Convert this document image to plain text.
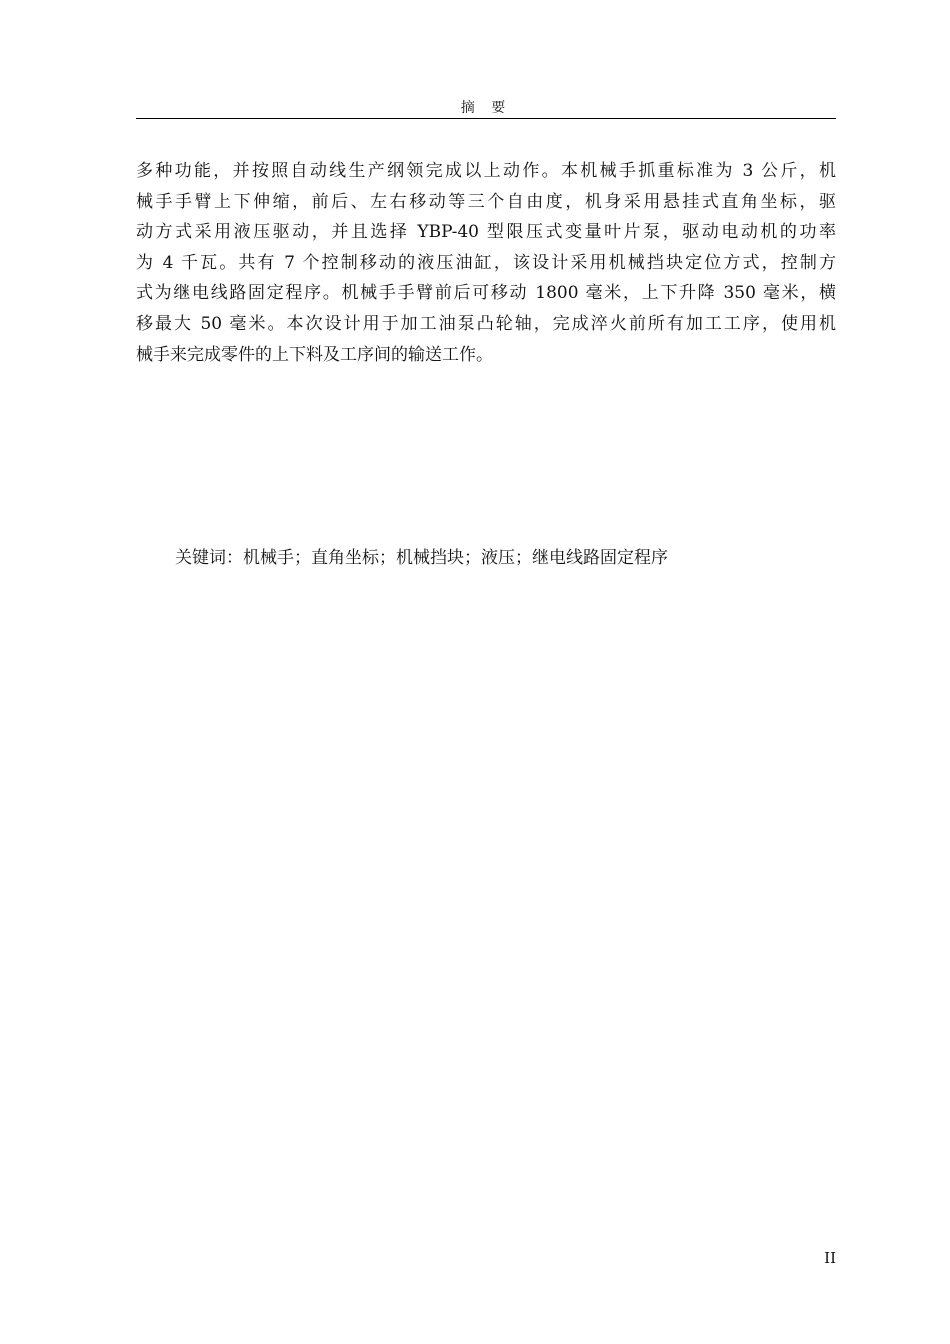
摘 要
多种功能，并按照自动线生产纲领完成以上动作。本机械手抓重标准为 3 公斤，机
械手手臂上下伸缩，前后、左右移动等三个自由度，机身采用悬挂式直角坐标，驱
动方式采用液压驱动，并且选择 YBP-40 型限压式变量叶片泵，驱动电动机的功率
为 4 千瓦。共有 7 个控制移动的液压油缸，该设计采用机械挡块定位方式，控制方
式为继电线路固定程序。机械手手臂前后可移动 1800 毫米，上下升降 350 毫米，横
移最大 50 毫米。本次设计用于加工油泵凸轮轴，完成淬火前所有加工工序，使用机
械手来完成零件的上下料及工序间的输送工作。
关键词：机械手；直角坐标；机械挡块；液压；继电线路固定程序
II
